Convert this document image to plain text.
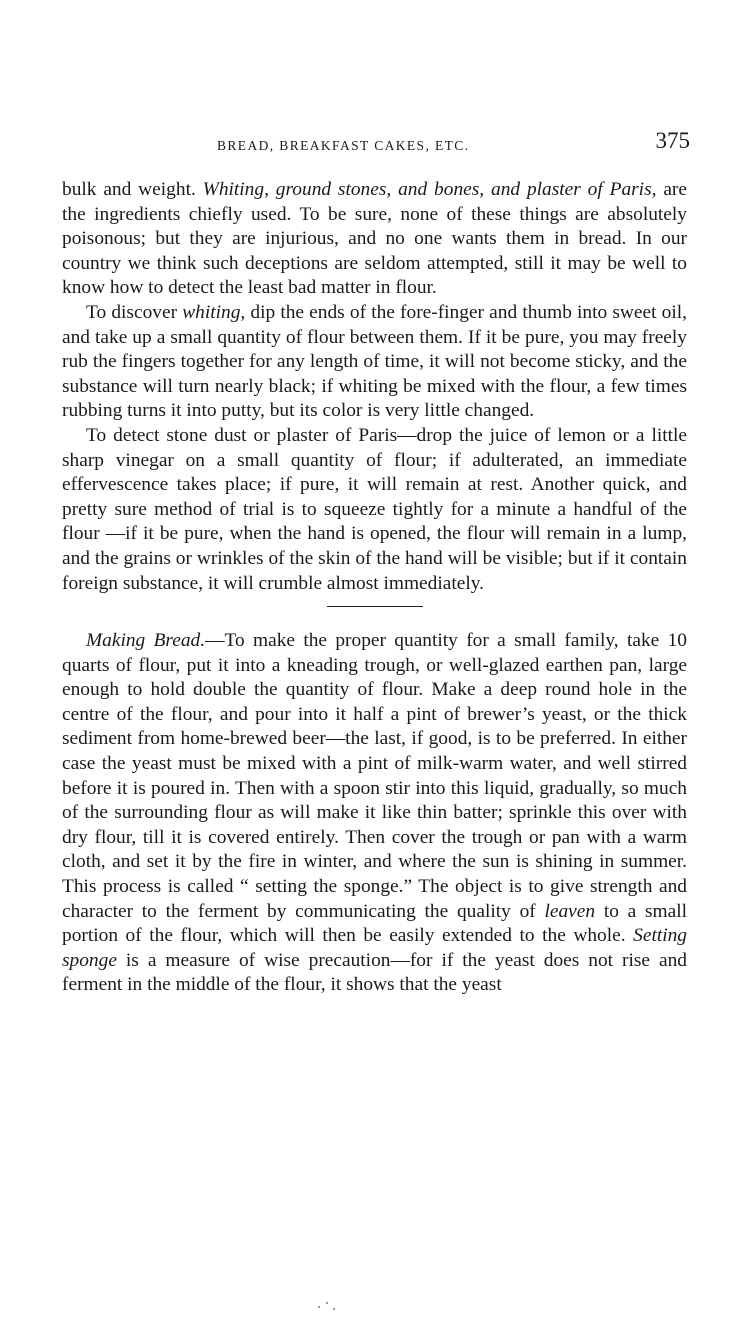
BREAD, BREAKFAST CAKES, ETC.	375

bulk and weight. Whiting, ground stones, and bones, and plaster of Paris, are the ingredients chiefly used. To be sure, none of these things are absolutely poisonous; but they are injurious, and no one wants them in bread. In our country we think such deceptions are seldom attempted, still it may be well to know how to detect the least bad matter in flour.

To discover whiting, dip the ends of the fore-finger and thumb into sweet oil, and take up a small quantity of flour between them. If it be pure, you may freely rub the fingers together for any length of time, it will not become sticky, and the substance will turn nearly black; if whiting be mixed with the flour, a few times rubbing turns it into putty, but its color is very little changed.

To detect stone dust or plaster of Paris—drop the juice of lemon or a little sharp vinegar on a small quantity of flour; if adulterated, an immediate effervescence takes place; if pure, it will remain at rest. Another quick, and pretty sure method of trial is to squeeze tightly for a minute a handful of the flour —if it be pure, when the hand is opened, the flour will remain in a lump, and the grains or wrinkles of the skin of the hand will be visible; but if it contain foreign substance, it will crumble almost immediately.

Making Bread.—To make the proper quantity for a small family, take 10 quarts of flour, put it into a kneading trough, or well-glazed earthen pan, large enough to hold double the quantity of flour. Make a deep round hole in the centre of the flour, and pour into it half a pint of brewer’s yeast, or the thick sediment from home-brewed beer—the last, if good, is to be preferred. In either case the yeast must be mixed with a pint of milk-warm water, and well stirred before it is poured in. Then with a spoon stir into this liquid, gradually, so much of the surrounding flour as will make it like thin batter; sprinkle this over with dry flour, till it is covered entirely. Then cover the trough or pan with a warm cloth, and set it by the fire in winter, and where the sun is shining in summer. This process is called “ setting the sponge.” The object is to give strength and character to the ferment by communicating the quality of leaven to a small portion of the flour, which will then be easily extended to the whole. Setting sponge is a measure of wise precaution—for if the yeast does not rise and ferment in the middle of the flour, it shows that the yeast
